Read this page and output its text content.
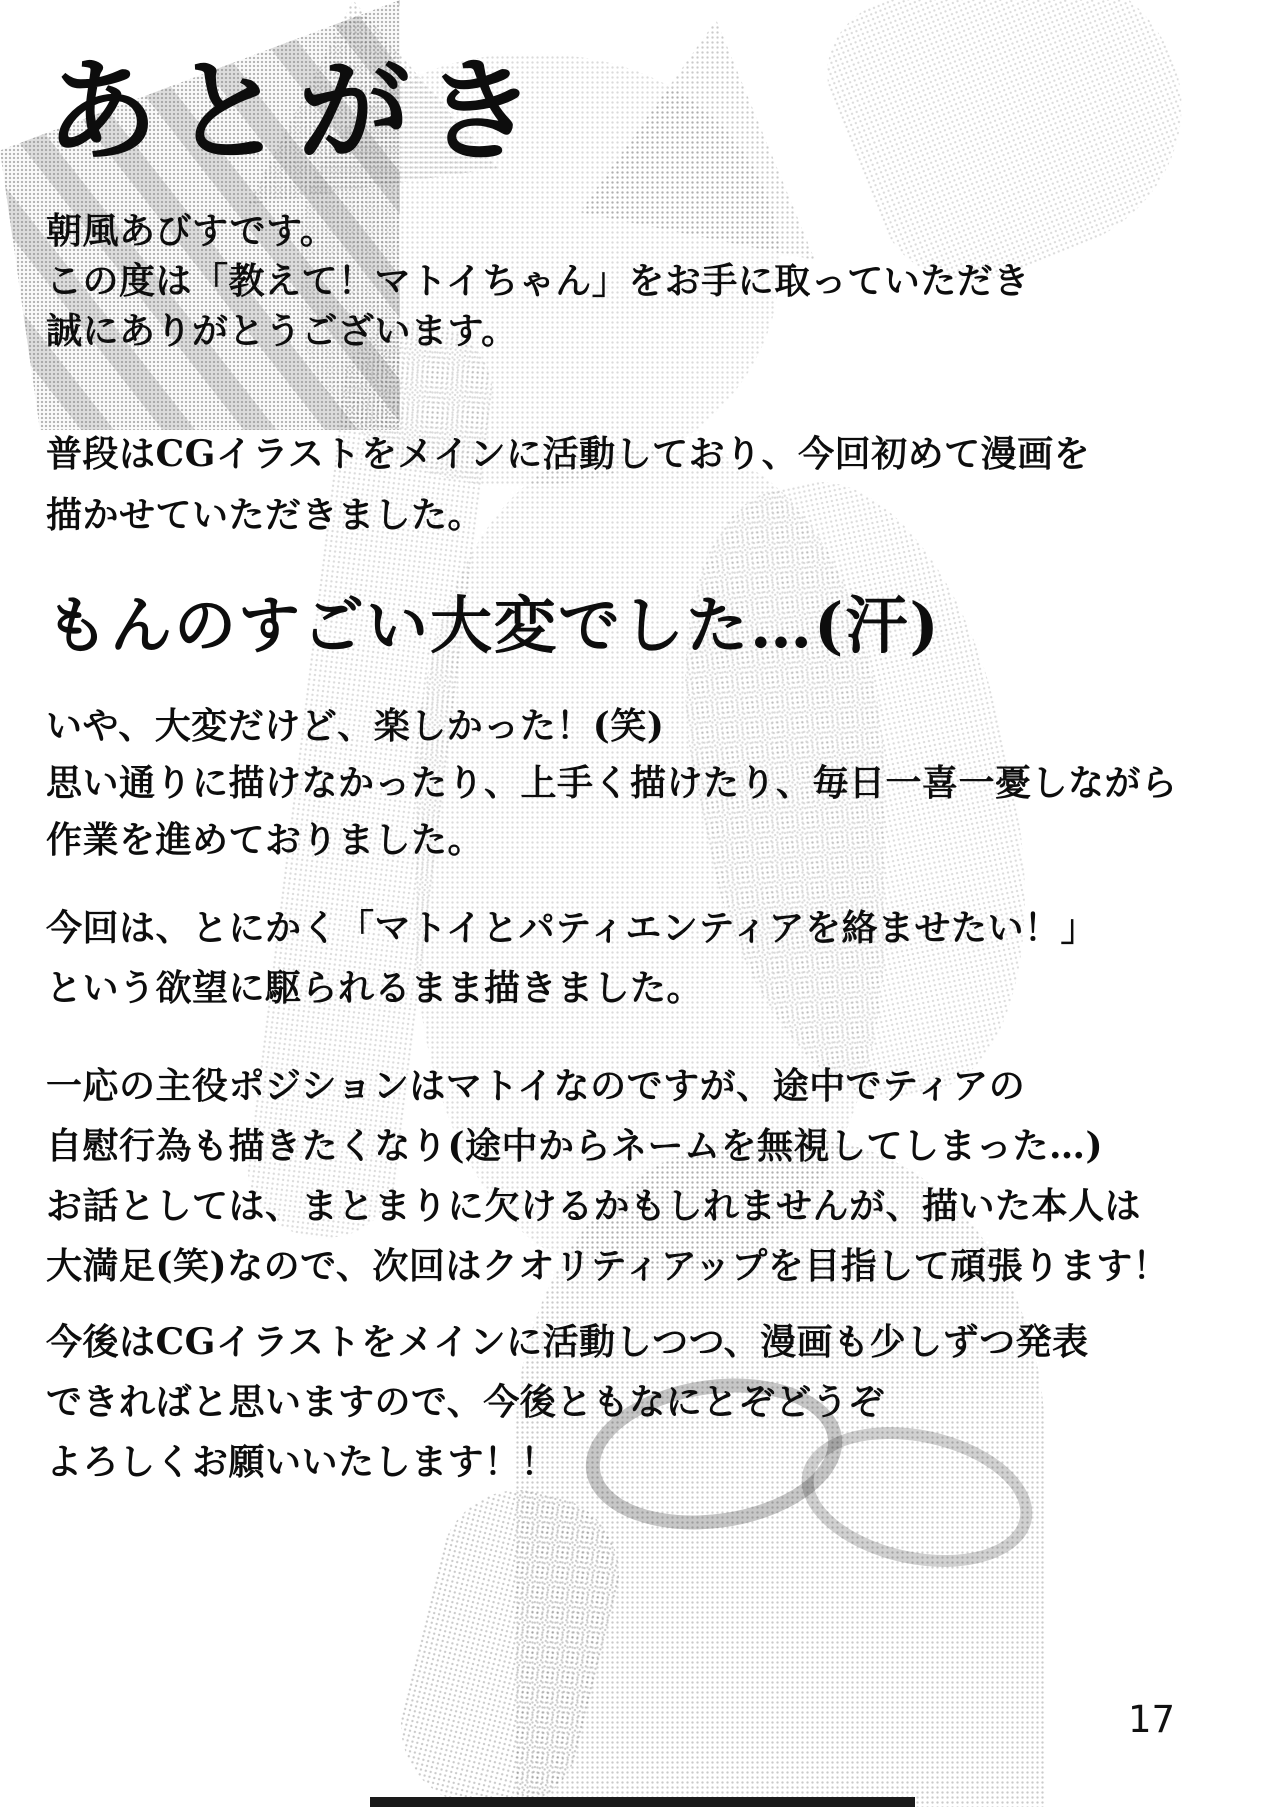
あとがき
朝風あびすです。
この度は「教えて！マトイちゃん」をお手に取っていただき
誠にありがとうございます。
普段はCGイラストをメインに活動しており、今回初めて漫画を
描かせていただきました。
もんのすごい大変でした…(汗)
いや、大変だけど、楽しかった！(笑)
思い通りに描けなかったり、上手く描けたり、毎日一喜一憂しながら
作業を進めておりました。
今回は、とにかく「マトイとパティエンティアを絡ませたい！」
という欲望に駆られるまま描きました。
一応の主役ポジションはマトイなのですが、途中でティアの
自慰行為も描きたくなり(途中からネームを無視してしまった…)
お話としては、まとまりに欠けるかもしれませんが、描いた本人は
大満足(笑)なので、次回はクオリティアップを目指して頑張ります！
今後はCGイラストをメインに活動しつつ、漫画も少しずつ発表
できればと思いますので、今後ともなにとぞどうぞ
よろしくお願いいたします！！
17
